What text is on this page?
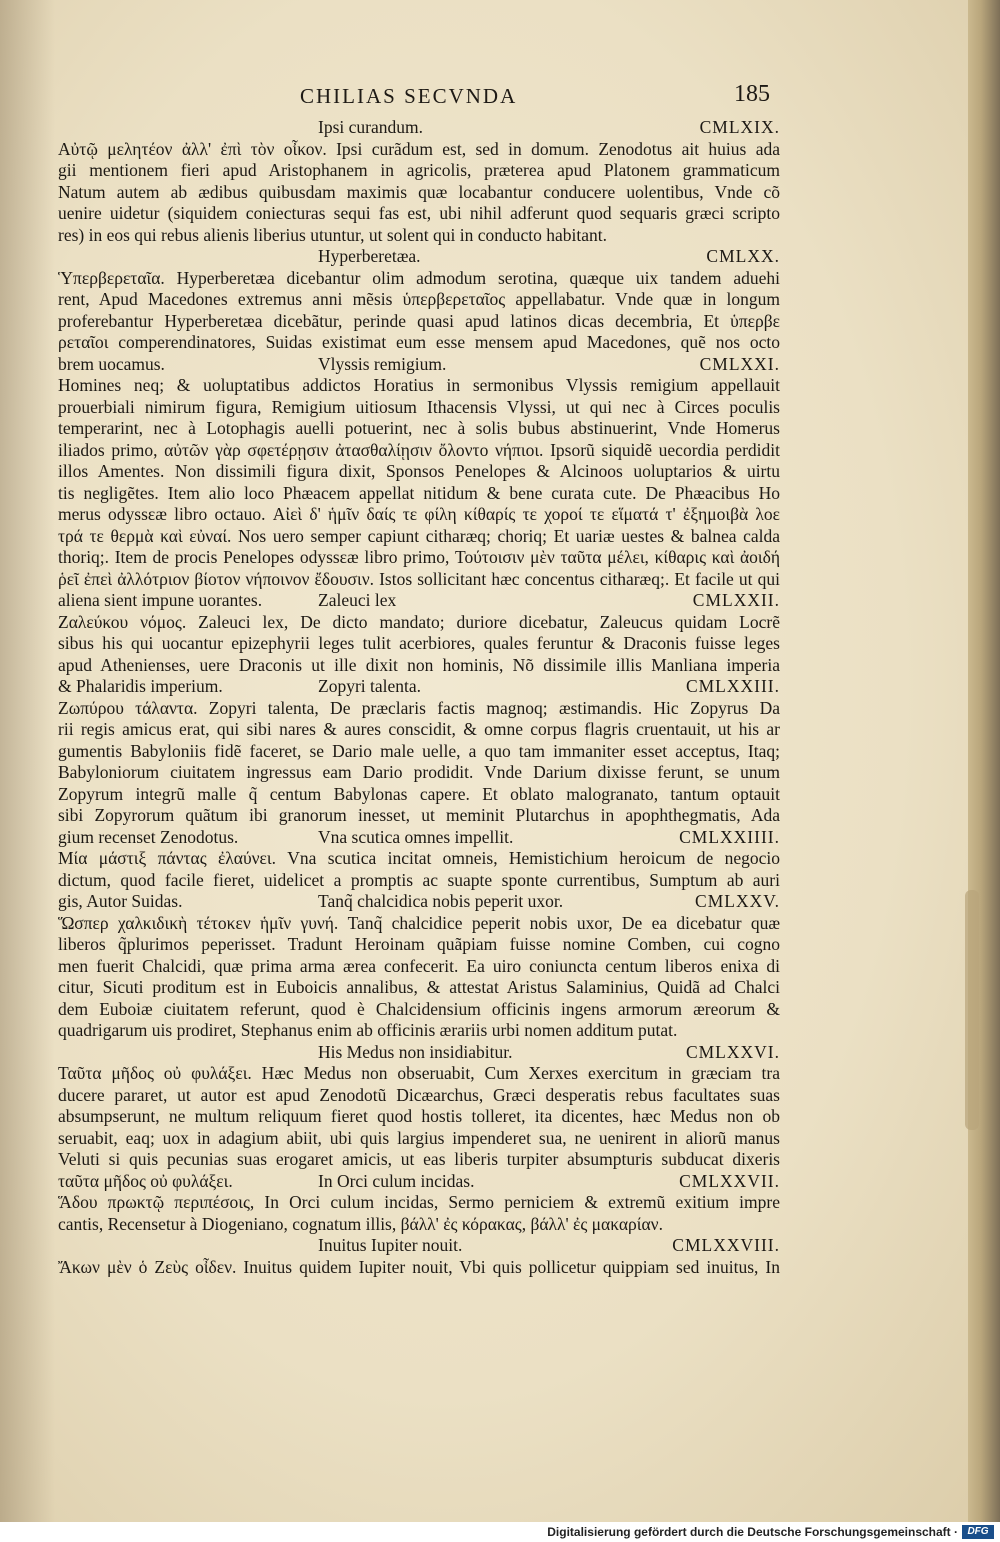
CHILIAS SECVNDA	185
Ipsi curandum.	CMLXIX.
Αὐτῷ μελητέον ἀλλ' ἐπὶ τὸν οἶκον. Ipsi curãdum est, sed in domum. Zenodotus ait huius ada
gii mentionem fieri apud Aristophanem in agricolis, præterea apud Platonem grammaticum
Natum autem ab ædibus quibusdam maximis quæ locabantur conducere uolentibus, Vnde cõ
uenire uidetur (siquidem coniecturas sequi fas est, ubi nihil adferunt quod sequaris græci scripto
res) in eos qui rebus alienis liberius utuntur, ut solent qui in conducto habitant.
Hyperberetæa.	CMLXX.
Ὑπερβερεταῖα. Hyperberetæa dicebantur olim admodum serotina, quæque uix tandem aduehi
rent, Apud Macedones extremus anni mẽsis ὑπερβερεταῖος appellabatur. Vnde quæ in longum
proferebantur Hyperberetæa dicebãtur, perinde quasi apud latinos dicas decembria, Et ὑπερβε
ρεταῖοι comperendinatores, Suidas existimat eum esse mensem apud Macedones, quẽ nos octo
brem uocamus.	Vlyssis remigium.	CMLXXI.
Homines neq; & uoluptatibus addictos Horatius in sermonibus Vlyssis remigium appellauit
prouerbiali nimirum figura, Remigium uitiosum Ithacensis Vlyssi, ut qui nec à Circes poculis
temperarint, nec à Lotophagis auelli potuerint, nec à solis bubus abstinuerint, Vnde Homerus
iliados primo, αὐτῶν γὰρ σφετέρῃσιν ἀτασθαλίῃσιν ὄλοντο νήπιοι. Ipsorũ siquidẽ uecordia perdidit
illos Amentes. Non dissimili figura dixit, Sponsos Penelopes & Alcinoos uoluptarios & uirtu
tis negligẽtes. Item alio loco Phæacem appellat nitidum & bene curata cute. De Phæacibus Ho
merus odyssεæ libro octauo. Αἰεὶ δ' ἡμῖν δαίς τε φίλη κίθαρίς τε χοροί τε εἵματά τ' ἐξημοιβὰ λοε
τρά τε θερμὰ καὶ εὐναί. Nos uero semper capiunt citharæq; choriq; Et uariæ uestes & balnea calda
thoriq;. Item de procis Penelopes odyssεæ libro primo, Τούτοισιν μὲν ταῦτα μέλει, κίθαρις καὶ ἀοιδή
ῥεῖ ἐπεὶ ἀλλότριον βίοτον νήποινον ἔδουσιν. Istos sollicitant hæc concentus citharæq;. Et facile ut qui
aliena sient impune uorantes.	Zaleuci lex	CMLXXII.
Ζαλεύκου νόμος. Zaleuci lex, De dicto mandato; duriore dicebatur, Zaleucus quidam Locrẽ
sibus his qui uocantur epizephyrii leges tulit acerbiores, quales feruntur & Draconis fuisse leges
apud Athenienses, uere Draconis ut ille dixit non hominis, Nõ dissimile illis Manliana imperia
& Phalaridis imperium.	Zopyri talenta.	CMLXXIII.
Ζωπύρου τάλαντα. Zopyri talenta, De præclaris factis magnoq; æstimandis. Hic Zopyrus Da
rii regis amicus erat, qui sibi nares & aures conscidit, & omne corpus flagris cruentauit, ut his ar
gumentis Babyloniis fidẽ faceret, se Dario male uelle, a quo tam immaniter esset acceptus, Itaq;
Babyloniorum ciuitatem ingressus eam Dario prodidit. Vnde Darium dixisse ferunt, se unum
Zopyrum integrũ malle q̃ centum Babylonas capere. Et oblato malogranato, tantum optauit
sibi Zopyrorum quãtum ibi granorum inesset, ut meminit Plutarchus in apophthegmatis, Ada
gium recenset Zenodotus.	Vna scutica omnes impellit.	CMLXXIIII.
Μία μάστιξ πάντας ἐλαύνει. Vna scutica incitat omneis, Hemistichium heroicum de negocio
dictum, quod facile fieret, uidelicet a promptis ac suapte sponte currentibus, Sumptum ab auri
gis, Autor Suidas.	Tanq̃ chalcidica nobis peperit uxor.	CMLXXV.
Ὥσπερ χαλκιδικὴ τέτοκεν ἡμῖν γυνή. Tanq̃ chalcidice peperit nobis uxor, De ea dicebatur quæ
liberos q̃plurimos peperisset. Tradunt Heroinam quãpiam fuisse nomine Comben, cui cogno
men fuerit Chalcidi, quæ prima arma ærea confecerit. Ea uiro coniuncta centum liberos enixa di
citur, Sicuti proditum est in Euboicis annalibus, & attestat Aristus Salaminius, Quidã ad Chalci
dem Euboiæ ciuitatem referunt, quod è Chalcidensium officinis ingens armorum æreorum &
quadrigarum uis prodiret, Stephanus enim ab officinis ærariis urbi nomen additum putat.
His Medus non insidiabitur.	CMLXXVI.
Ταῦτα μῆδος οὐ φυλάξει. Hæc Medus non obseruabit, Cum Xerxes exercitum in græciam tra
ducere pararet, ut autor est apud Zenodotũ Dicæarchus, Græci desperatis rebus facultates suas
absumpserunt, ne multum reliquum fieret quod hostis tolleret, ita dicentes, hæc Medus non ob
seruabit, eaq; uox in adagium abiit, ubi quis largius impenderet sua, ne uenirent in aliorũ manus
Veluti si quis pecunias suas erogaret amicis, ut eas liberis turpiter absumpturis subducat dixeris
ταῦτα μῆδος οὐ φυλάξει.	In Orci culum incidas.	CMLXXVII.
Ἅδου πρωκτῷ περιπέσοις, In Orci culum incidas, Sermo perniciem & extremũ exitium impre
cantis, Recensetur à Diogeniano, cognatum illis, βάλλ' ἐς κόρακας, βάλλ' ἐς μακαρίαν.
Inuitus Iupiter nouit.	CMLXXVIII.
Ἄκων μὲν ὁ Ζεὺς οἶδεν. Inuitus quidem Iupiter nouit, Vbi quis pollicetur quippiam sed inuitus, In
Digitalisierung gefördert durch die Deutsche Forschungsgemeinschaft · DFG
